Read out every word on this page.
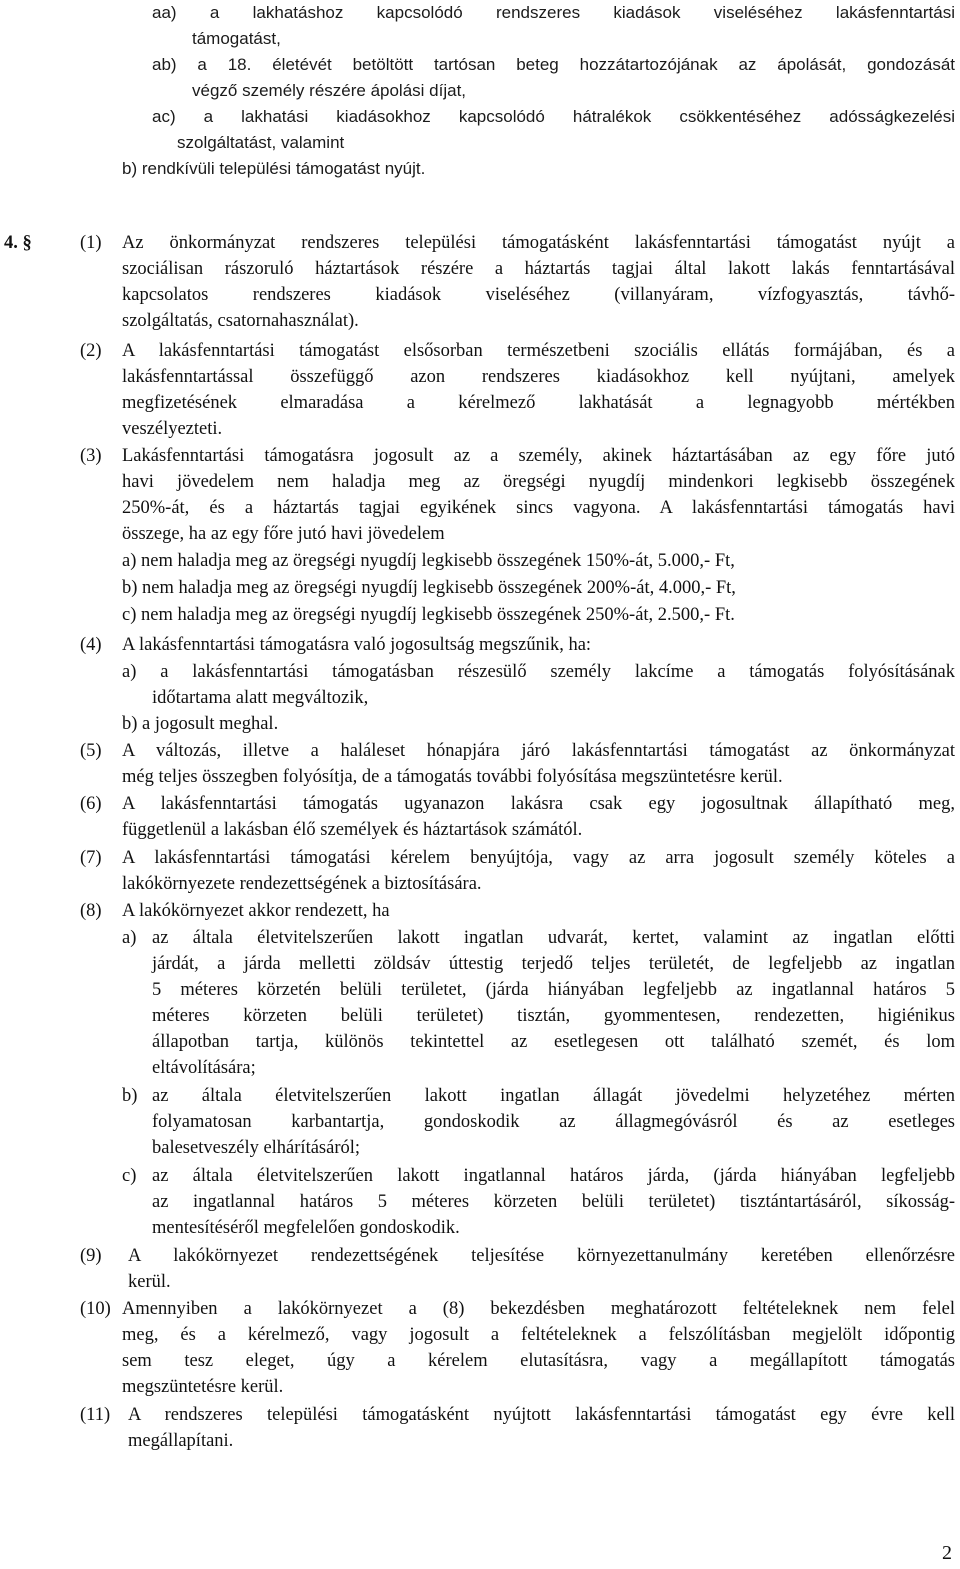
aa) a lakhatáshoz kapcsolódó rendszeres kiadások viseléséhez lakásfenntartási
támogatást,
ab) a 18. életévét betöltött tartósan beteg hozzátartozójának az ápolását, gondozását
végző személy részére ápolási díjat,
ac) a lakhatási kiadásokhoz kapcsolódó hátralékok csökkentéséhez adósságkezelési
szolgáltatást, valamint
b) rendkívüli települési támogatást nyújt.
4. §	(1) Az önkormányzat rendszeres települési támogatásként lakásfenntartási támogatást nyújt a
szociálisan rászoruló háztartások részére a háztartás tagjai által lakott lakás fenntartásával
kapcsolatos rendszeres kiadások viseléséhez (villanyáram, vízfogyasztás, távhő-
szolgáltatás, csatornahasználat).
(2) A lakásfenntartási támogatást elsősorban természetbeni szociális ellátás formájában, és a
lakásfenntartással összefüggő azon rendszeres kiadásokhoz kell nyújtani, amelyek
megfizetésének elmaradása a kérelmező lakhatását a legnagyobb mértékben
veszélyezteti.
(3) Lakásfenntartási támogatásra jogosult az a személy, akinek háztartásában az egy főre jutó
havi jövedelem nem haladja meg az öregségi nyugdíj mindenkori legkisebb összegének
250%-át, és a háztartás tagjai egyikének sincs vagyona. A lakásfenntartási támogatás havi
összege, ha az egy főre jutó havi jövedelem
a) nem haladja meg az öregségi nyugdíj legkisebb összegének 150%-át, 5.000,- Ft,
b) nem haladja meg az öregségi nyugdíj legkisebb összegének 200%-át, 4.000,- Ft,
c) nem haladja meg az öregségi nyugdíj legkisebb összegének 250%-át, 2.500,- Ft.
(4) A lakásfenntartási támogatásra való jogosultság megszűnik, ha:
a) a lakásfenntartási támogatásban részesülő személy lakcíme a támogatás folyósításának
időtartama alatt megváltozik,
b) a jogosult meghal.
(5) A változás, illetve a haláleset hónapjára járó lakásfenntartási támogatást az önkormányzat
még teljes összegben folyósítja, de a támogatás további folyósítása megszüntetésre kerül.
(6) A lakásfenntartási támogatás ugyanazon lakásra csak egy jogosultnak állapítható meg,
függetlenül a lakásban élő személyek és háztartások számától.
(7) A lakásfenntartási támogatási kérelem benyújtója, vagy az arra jogosult személy köteles a
lakókörnyezete rendezettségének a biztosítására.
(8) A lakókörnyezet akkor rendezett, ha
a) az általa életvitelszerűen lakott ingatlan udvarát, kertet, valamint az ingatlan előtti
járdát, a járda melletti zöldsáv úttestig terjedő teljes területét, de legfeljebb az ingatlan
5 méteres körzetén belüli területet, (járda hiányában legfeljebb az ingatlannal határos 5
méteres körzeten belüli területet) tisztán, gyommentesen, rendezetten, higiénikus
állapotban tartja, különös tekintettel az esetlegesen ott található szemét, és lom
eltávolítására;
b) az általa életvitelszerűen lakott ingatlan állagát jövedelmi helyzetéhez mérten
folyamatosan karbantartja, gondoskodik az állagmegóvásról és az esetleges
balesetveszély elhárításáról;
c) az általa életvitelszerűen lakott ingatlannal határos járda, (járda hiányában legfeljebb
az ingatlannal határos 5 méteres körzeten belüli területet) tisztántartásáról, síkosság-
mentesítéséről megfelelően gondoskodik.
(9) A lakókörnyezet rendezettségének teljesítése környezettanulmány keretében ellenőrzésre
kerül.
(10) Amennyiben a lakókörnyezet a (8) bekezdésben meghatározott feltételeknek nem felel
meg, és a kérelmező, vagy jogosult a feltételeknek a felszólításban megjelölt időpontig
sem tesz eleget, úgy a kérelem elutasításra, vagy a megállapított támogatás
megszüntetésre kerül.
(11) A rendszeres települési támogatásként nyújtott lakásfenntartási támogatást egy évre kell
megállapítani.
2
